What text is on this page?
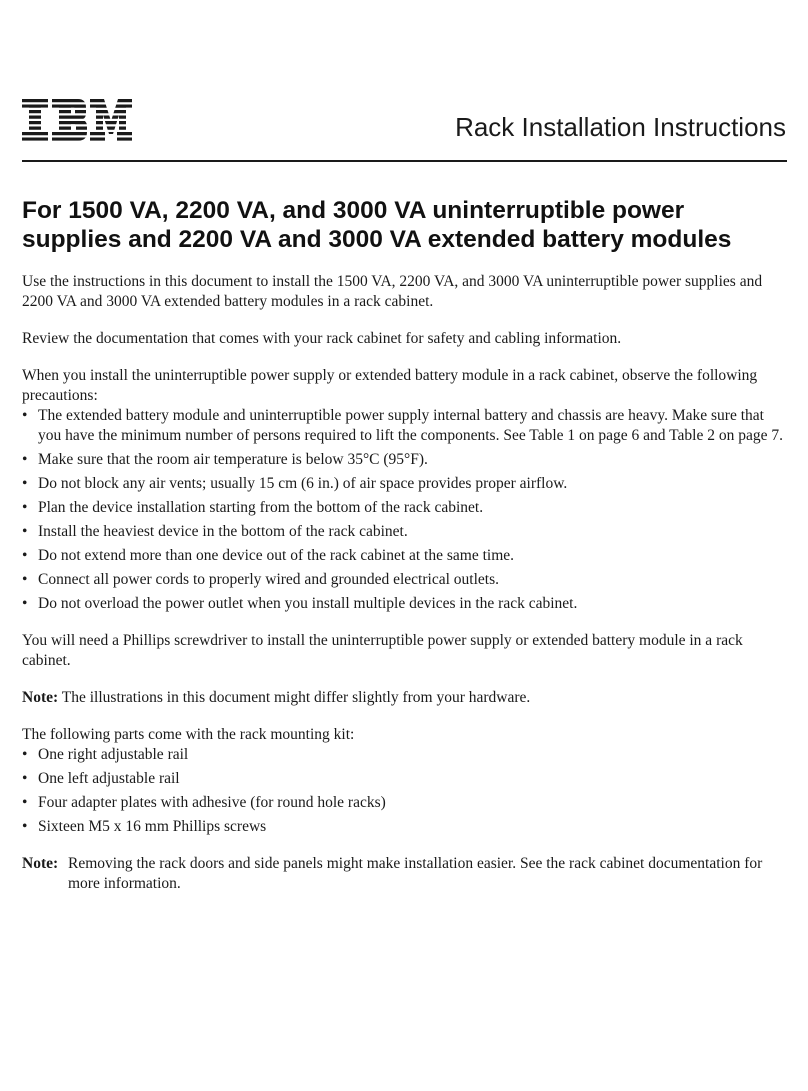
Rack Installation Instructions
For 1500 VA, 2200 VA, and 3000 VA uninterruptible power
supplies and 2200 VA and 3000 VA extended battery modules

Use the instructions in this document to install the 1500 VA, 2200 VA, and 3000 VA uninterruptible power supplies and 2200 VA and 3000 VA extended battery modules in a rack cabinet.

Review the documentation that comes with your rack cabinet for safety and cabling information.

When you install the uninterruptible power supply or extended battery module in a rack cabinet, observe the following precautions:

• The extended battery module and uninterruptible power supply internal battery and chassis are heavy. Make sure that you have the minimum number of persons required to lift the components. See Table 1 on page 6 and Table 2 on page 7.
• Make sure that the room air temperature is below 35°C (95°F).
• Do not block any air vents; usually 15 cm (6 in.) of air space provides proper airflow.
• Plan the device installation starting from the bottom of the rack cabinet.
• Install the heaviest device in the bottom of the rack cabinet.
• Do not extend more than one device out of the rack cabinet at the same time.
• Connect all power cords to properly wired and grounded electrical outlets.
• Do not overload the power outlet when you install multiple devices in the rack cabinet.

You will need a Phillips screwdriver to install the uninterruptible power supply or extended battery module in a rack cabinet.

Note: The illustrations in this document might differ slightly from your hardware.

The following parts come with the rack mounting kit:

• One right adjustable rail
• One left adjustable rail
• Four adapter plates with adhesive (for round hole racks)
• Sixteen M5 x 16 mm Phillips screws
Note: Removing the rack doors and side panels might make installation easier. See the rack cabinet documentation for more information.
